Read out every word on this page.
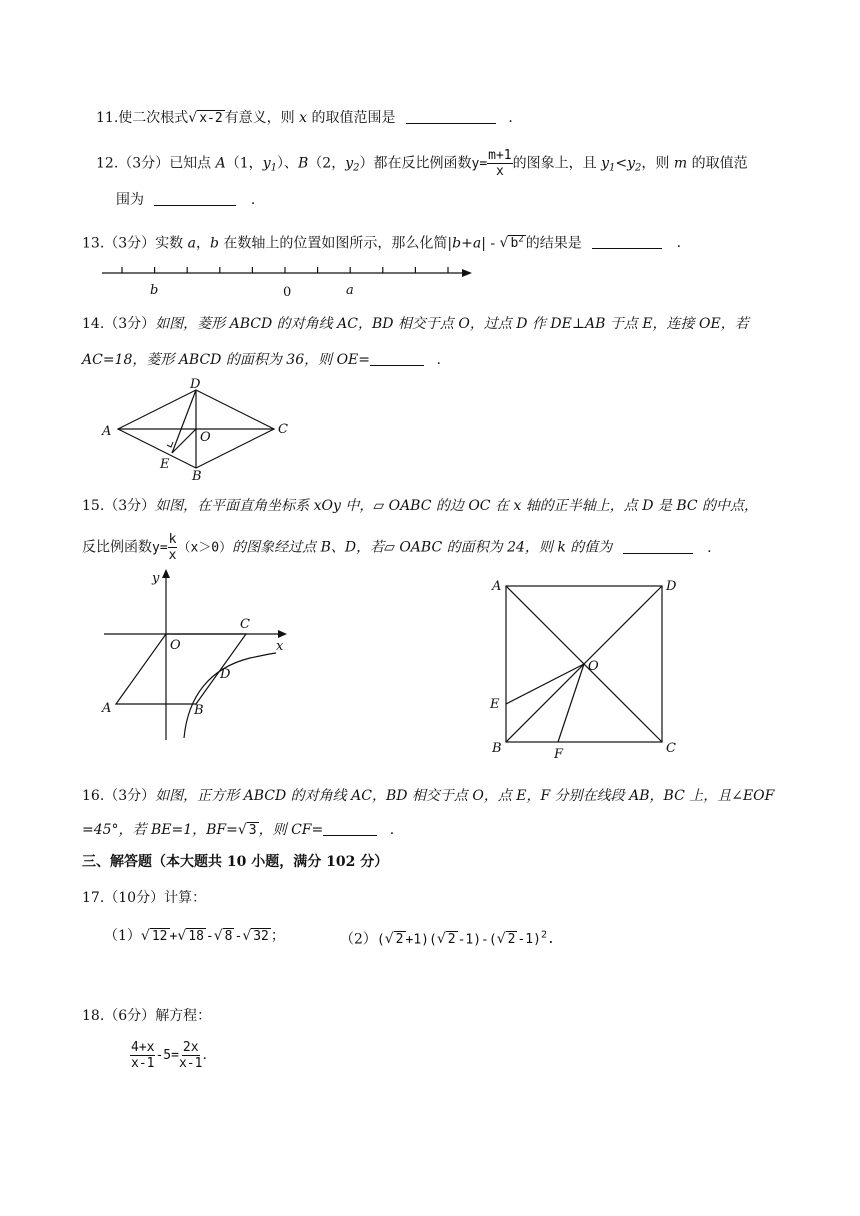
11.使二次根式√ x-2 有意义，则 x 的取值范围是	.
12.（3分）已知点 A（1，$y_1$）、B（2，$y_2$）都在反比例函数$y= \frac{m+1}{x}$ 的图象上，且 $y_1<y_2$，则 m 的取值范
围为	.
13.（3分）实数 a，b 在数轴上的位置如图所示，那么化简|b+a| - √ $b^2$ 的结果是	.
b	0	a
14.（3分）如图，菱形 ABCD 的对角线 AC，BD 相交于点 O，过点 D 作 DE⊥AB 于点 E，连接 OE，若
AC=18，菱形 ABCD 的面积为 36，则 OE=	.
A
D
C
O
E
B
15.（3分）如图，在平面直角坐标系 xOy 中，▱ OABC 的边 OC 在 x 轴的正半轴上，点 D 是 BC 的中点，
反比例函数$y= \frac{k}{x} (x>0)$的图象经过点 B、D，若▱ OABC 的面积为 24，则 k 的值为	.
y
x
O
C
D
A	B
A	D
O
E
B	F	C
16.（3分）如图，正方形 ABCD 的对角线 AC，BD 相交于点 O，点 E，F 分别在线段 AB，BC 上，且∠EOF
=45°，若 BE=1，BF=√ 3 ，则 CF=	.
三、解答题（本大题共 10 小题，满分 102 分）
17.（10分）计算：
（1）√ 12 +√ 18 -√ 8 -√ 32 ；	（2）(√ 2 +1)(√ 2 -1)-(√ 2 -1)$^2$.
18.（6分）解方程：
$\frac{4+x}{x-1} -5= \frac{2x}{x-1}$ .
